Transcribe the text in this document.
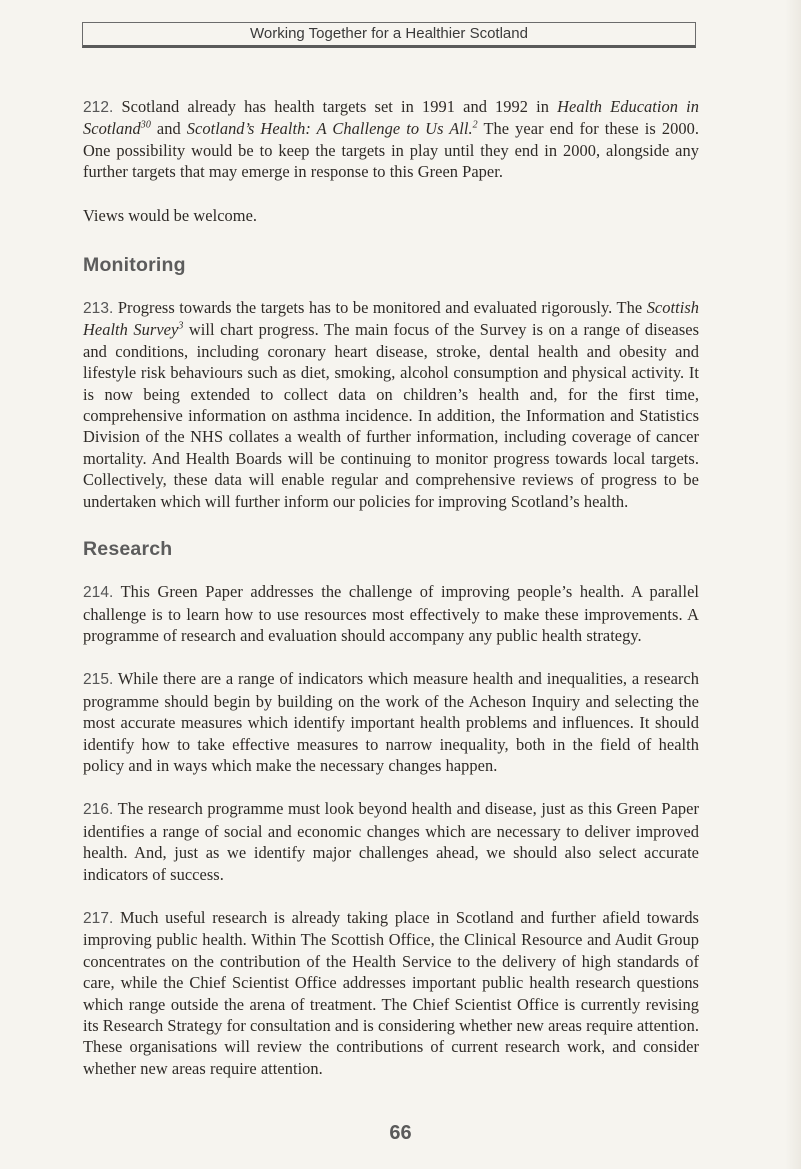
Working Together for a Healthier Scotland

212. Scotland already has health targets set in 1991 and 1992 in Health Education in Scotland$^{30}$ and Scotland’s Health: A Challenge to Us All.$^2$ The year end for these is 2000. One possibility would be to keep the targets in play until they end in 2000, alongside any further targets that may emerge in response to this Green Paper.

Views would be welcome.

Monitoring

213. Progress towards the targets has to be monitored and evaluated rigorously. The Scottish Health Survey$^3$ will chart progress. The main focus of the Survey is on a range of diseases and conditions, including coronary heart disease, stroke, dental health and obesity and lifestyle risk behaviours such as diet, smoking, alcohol consumption and physical activity. It is now being extended to collect data on children’s health and, for the first time, comprehensive information on asthma incidence. In addition, the Information and Statistics Division of the NHS collates a wealth of further information, including coverage of cancer mortality. And Health Boards will be continuing to monitor progress towards local targets. Collectively, these data will enable regular and comprehensive reviews of progress to be undertaken which will further inform our policies for improving Scotland’s health.

Research

214. This Green Paper addresses the challenge of improving people’s health. A parallel challenge is to learn how to use resources most effectively to make these improvements. A programme of research and evaluation should accompany any public health strategy.

215. While there are a range of indicators which measure health and inequalities, a research programme should begin by building on the work of the Acheson Inquiry and selecting the most accurate measures which identify important health problems and influences. It should identify how to take effective measures to narrow inequality, both in the field of health policy and in ways which make the necessary changes happen.

216. The research programme must look beyond health and disease, just as this Green Paper identifies a range of social and economic changes which are necessary to deliver improved health. And, just as we identify major challenges ahead, we should also select accurate indicators of success.

217. Much useful research is already taking place in Scotland and further afield towards improving public health. Within The Scottish Office, the Clinical Resource and Audit Group concentrates on the contribution of the Health Service to the delivery of high standards of care, while the Chief Scientist Office addresses important public health research questions which range outside the arena of treatment. The Chief Scientist Office is currently revising its Research Strategy for consultation and is considering whether new areas require attention. These organisations will review the contributions of current research work, and consider whether new areas require attention.

66
